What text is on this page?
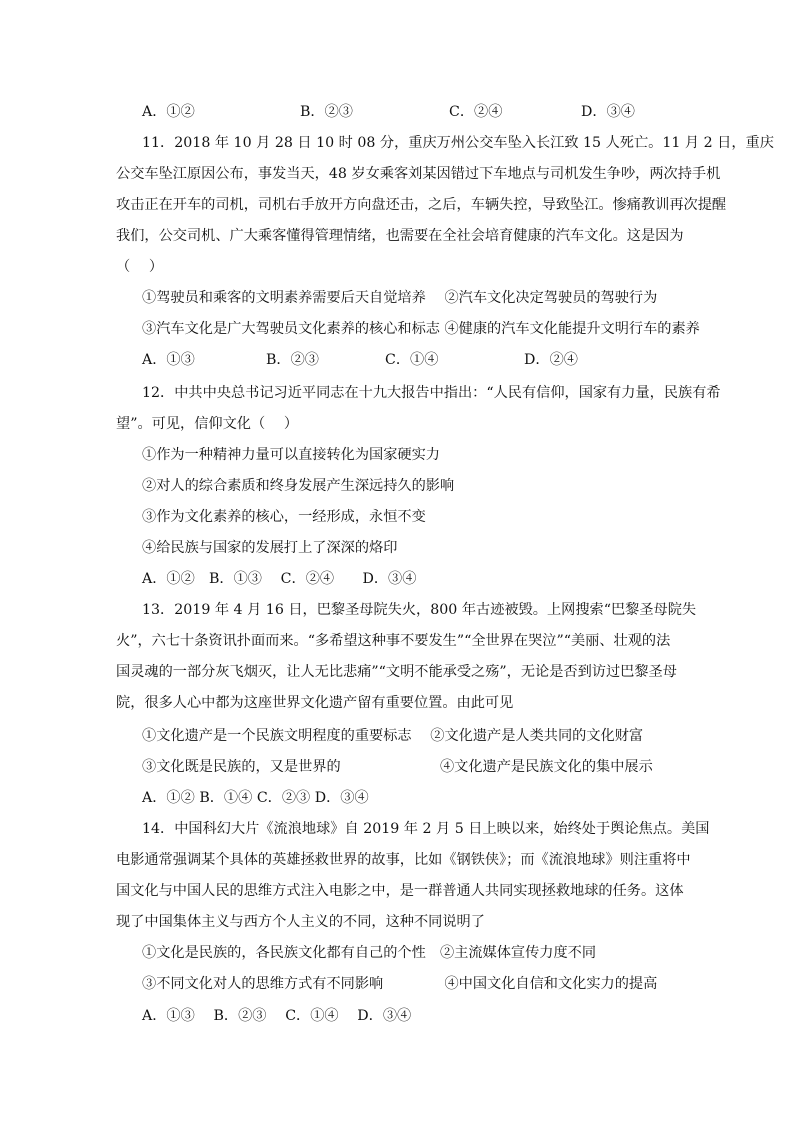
A．①②	B．②③	C．②④	D．③④
11．2018 年 10 月 28 日 10 时 08 分，重庆万州公交车坠入长江致 15 人死亡。11 月 2 日，重庆
公交车坠江原因公布，事发当天，48 岁女乘客刘某因错过下车地点与司机发生争吵，两次持手机
攻击正在开车的司机，司机右手放开方向盘还击，之后，车辆失控，导致坠江。惨痛教训再次提醒
我们，公交司机、广大乘客懂得管理情绪，也需要在全社会培育健康的汽车文化。这是因为
（　 ）
①驾驶员和乘客的文明素养需要后天自觉培养　 ②汽车文化决定驾驶员的驾驶行为
③汽车文化是广大驾驶员文化素养的核心和标志 ④健康的汽车文化能提升文明行车的素养
A．①③	B．②③	C．①④	D．②④
12．中共中央总书记习近平同志在十九大报告中指出：“人民有信仰，国家有力量，民族有希
望”。可见，信仰文化（　 ）
①作为一种精神力量可以直接转化为国家硬实力
②对人的综合素质和终身发展产生深远持久的影响
③作为文化素养的核心，一经形成，永恒不变
④给民族与国家的发展打上了深深的烙印
A．①②　B．①③　 C．②④　　D．③④
13．2019 年 4 月 16 日，巴黎圣母院失火，800 年古迹被毁。上网搜索“巴黎圣母院失
火”，六七十条资讯扑面而来。“多希望这种事不要发生”“全世界在哭泣”“美丽、壮观的法
国灵魂的一部分灰飞烟灭，让人无比悲痛”“文明不能承受之殇”，无论是否到访过巴黎圣母
院，很多人心中都为这座世界文化遗产留有重要位置。由此可见
①文化遗产是一个民族文明程度的重要标志　 ②文化遗产是人类共同的文化财富
③文化既是民族的，又是世界的　　　　　　　④文化遗产是民族文化的集中展示
A．①② B．①④ C．②③ D．③④
14．中国科幻大片《流浪地球》自 2019 年 2 月 5 日上映以来，始终处于舆论焦点。美国
电影通常强调某个具体的英雄拯救世界的故事，比如《钢铁侠》；而《流浪地球》则注重将中
国文化与中国人民的思维方式注入电影之中，是一群普通人共同实现拯救地球的任务。这体
现了中国集体主义与西方个人主义的不同，这种不同说明了
①文化是民族的，各民族文化都有自己的个性　②主流媒体宣传力度不同
③不同文化对人的思维方式有不同影响　　　　 ④中国文化自信和文化实力的提高
A．①③　 B．②③　 C．①④　 D．③④
